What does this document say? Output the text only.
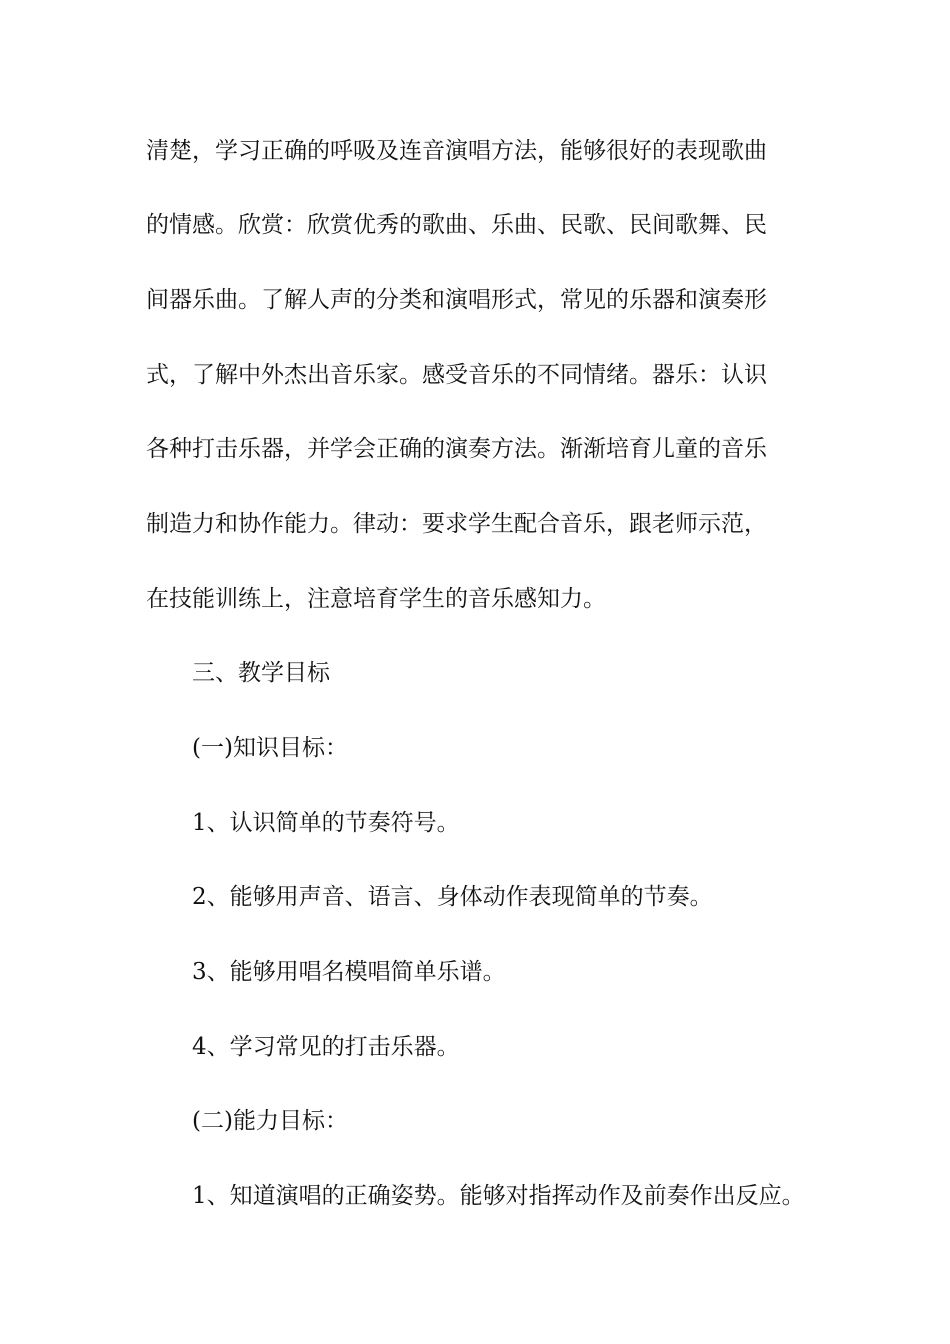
清楚，学习正确的呼吸及连音演唱方法，能够很好的表现歌曲
的情感。欣赏：欣赏优秀的歌曲、乐曲、民歌、民间歌舞、民
间器乐曲。了解人声的分类和演唱形式，常见的乐器和演奏形
式，了解中外杰出音乐家。感受音乐的不同情绪。器乐：认识
各种打击乐器，并学会正确的演奏方法。渐渐培育儿童的音乐
制造力和协作能力。律动：要求学生配合音乐，跟老师示范，
在技能训练上，注意培育学生的音乐感知力。
三、教学目标
(一)知识目标：
1、认识简单的节奏符号。
2、能够用声音、语言、身体动作表现简单的节奏。
3、能够用唱名模唱简单乐谱。
4、学习常见的打击乐器。
(二)能力目标：
1、知道演唱的正确姿势。能够对指挥动作及前奏作出反应。
